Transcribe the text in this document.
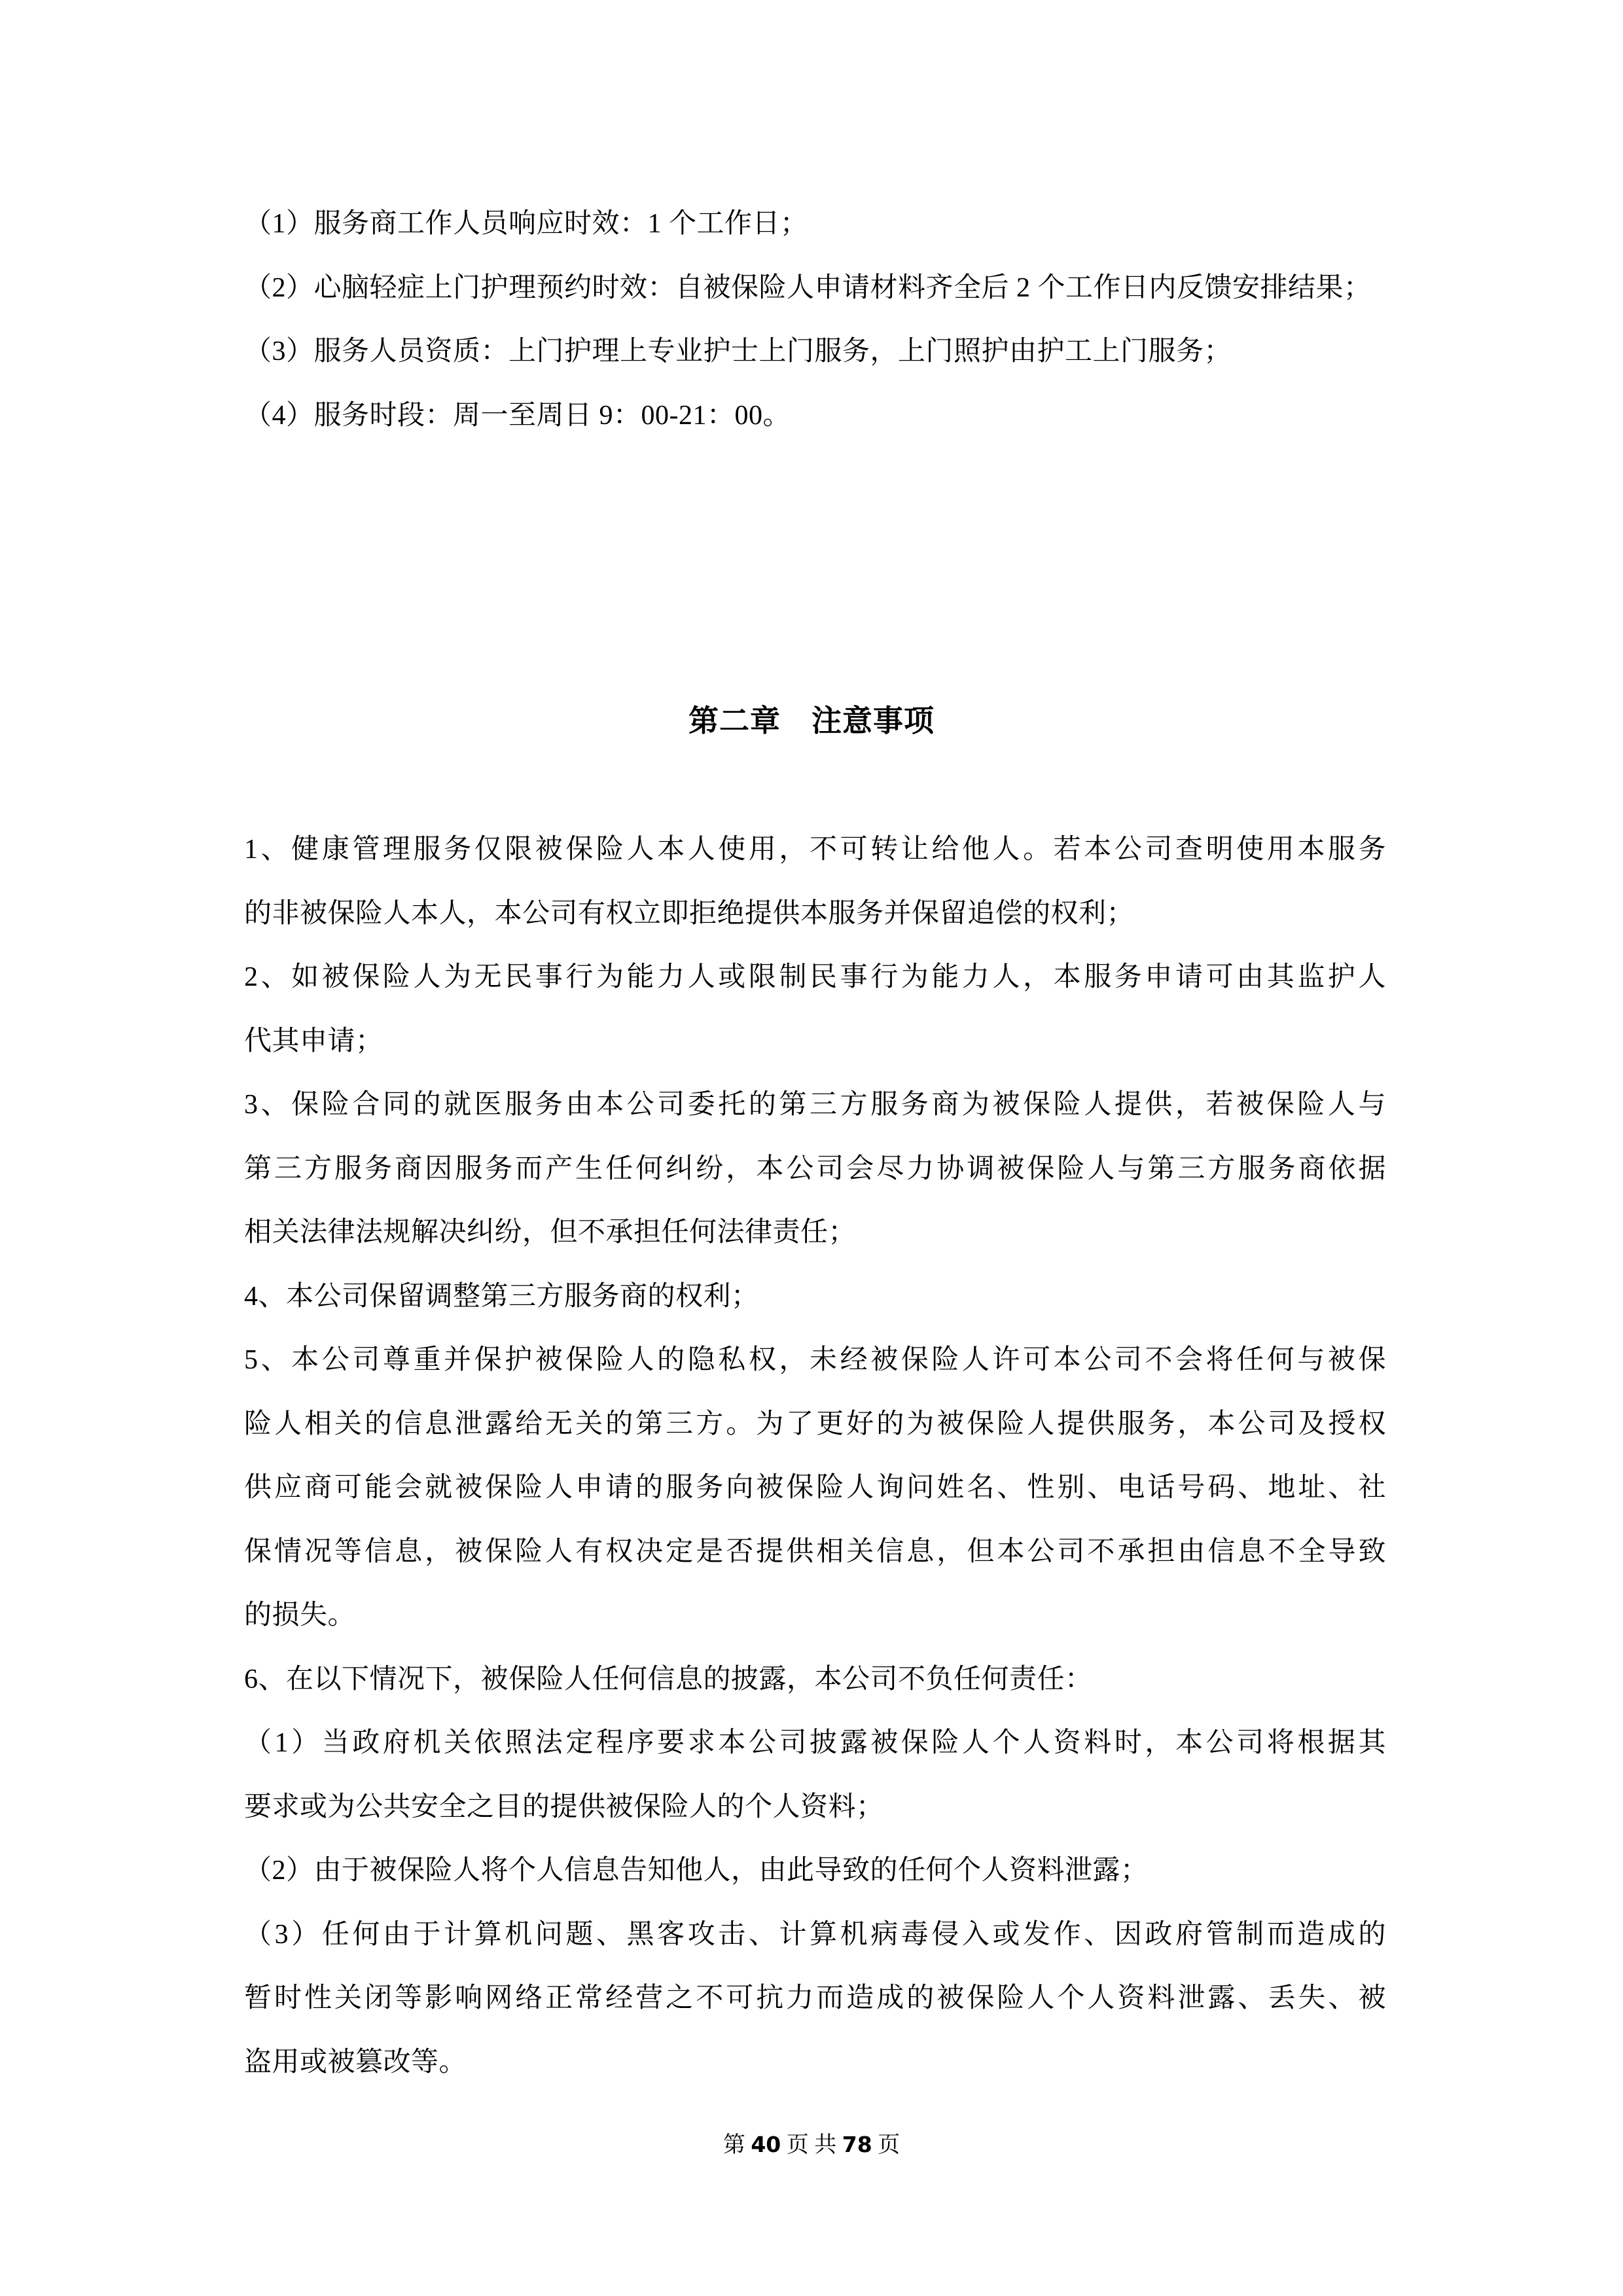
（1）服务商工作人员响应时效：1 个工作日；
（2）心脑轻症上门护理预约时效：自被保险人申请材料齐全后 2 个工作日内反馈安排结果；
（3）服务人员资质：上门护理上专业护士上门服务，上门照护由护工上门服务；
（4）服务时段：周一至周日 9：00-21：00。
第二章　注意事项
1、健康管理服务仅限被保险人本人使用，不可转让给他人。若本公司查明使用本服务
的非被保险人本人，本公司有权立即拒绝提供本服务并保留追偿的权利；
2、如被保险人为无民事行为能力人或限制民事行为能力人，本服务申请可由其监护人
代其申请；
3、保险合同的就医服务由本公司委托的第三方服务商为被保险人提供，若被保险人与
第三方服务商因服务而产生任何纠纷，本公司会尽力协调被保险人与第三方服务商依据
相关法律法规解决纠纷，但不承担任何法律责任；
4、本公司保留调整第三方服务商的权利；
5、本公司尊重并保护被保险人的隐私权，未经被保险人许可本公司不会将任何与被保
险人相关的信息泄露给无关的第三方。为了更好的为被保险人提供服务，本公司及授权
供应商可能会就被保险人申请的服务向被保险人询问姓名、性别、电话号码、地址、社
保情况等信息，被保险人有权决定是否提供相关信息，但本公司不承担由信息不全导致
的损失。
6、在以下情况下，被保险人任何信息的披露，本公司不负任何责任：
（1）当政府机关依照法定程序要求本公司披露被保险人个人资料时，本公司将根据其
要求或为公共安全之目的提供被保险人的个人资料；
（2）由于被保险人将个人信息告知他人，由此导致的任何个人资料泄露；
（3）任何由于计算机问题、黑客攻击、计算机病毒侵入或发作、因政府管制而造成的
暂时性关闭等影响网络正常经营之不可抗力而造成的被保险人个人资料泄露、丢失、被
盗用或被篡改等。
第 40 页 共 78 页
